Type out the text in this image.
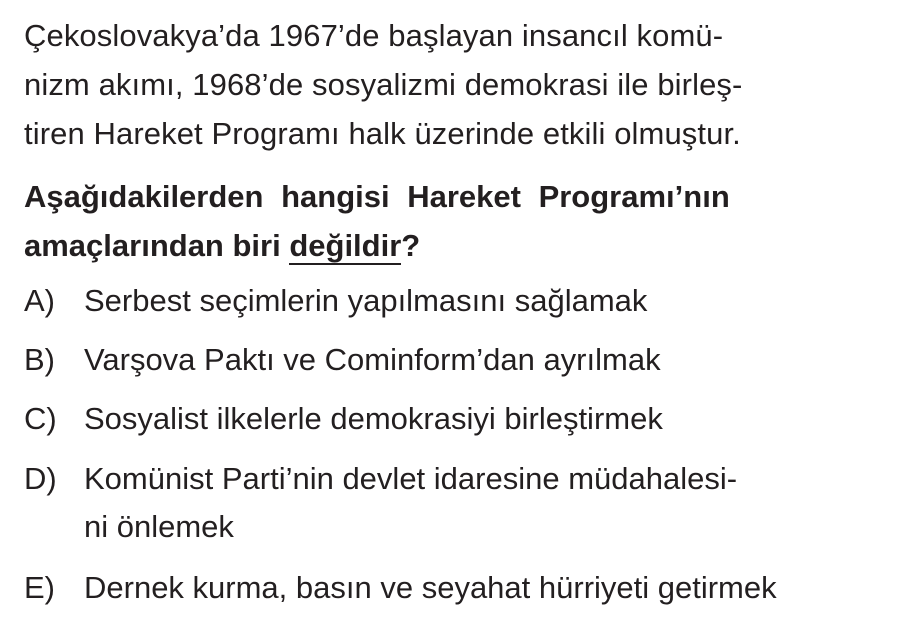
Çekoslovakya’da 1967’de başlayan insancıl komü-
nizm akımı, 1968’de sosyalizmi demokrasi ile birleş-
tiren Hareket Programı halk üzerinde etkili olmuştur.
Aşağıdakilerden hangisi Hareket Programı’nın
amaçlarından biri değildir?
A) Serbest seçimlerin yapılmasını sağlamak
B) Varşova Paktı ve Cominform’dan ayrılmak
C) Sosyalist ilkelerle demokrasiyi birleştirmek
D) Komünist Parti’nin devlet idaresine müdahalesi-
ni önlemek
E) Dernek kurma, basın ve seyahat hürriyeti getirmek
